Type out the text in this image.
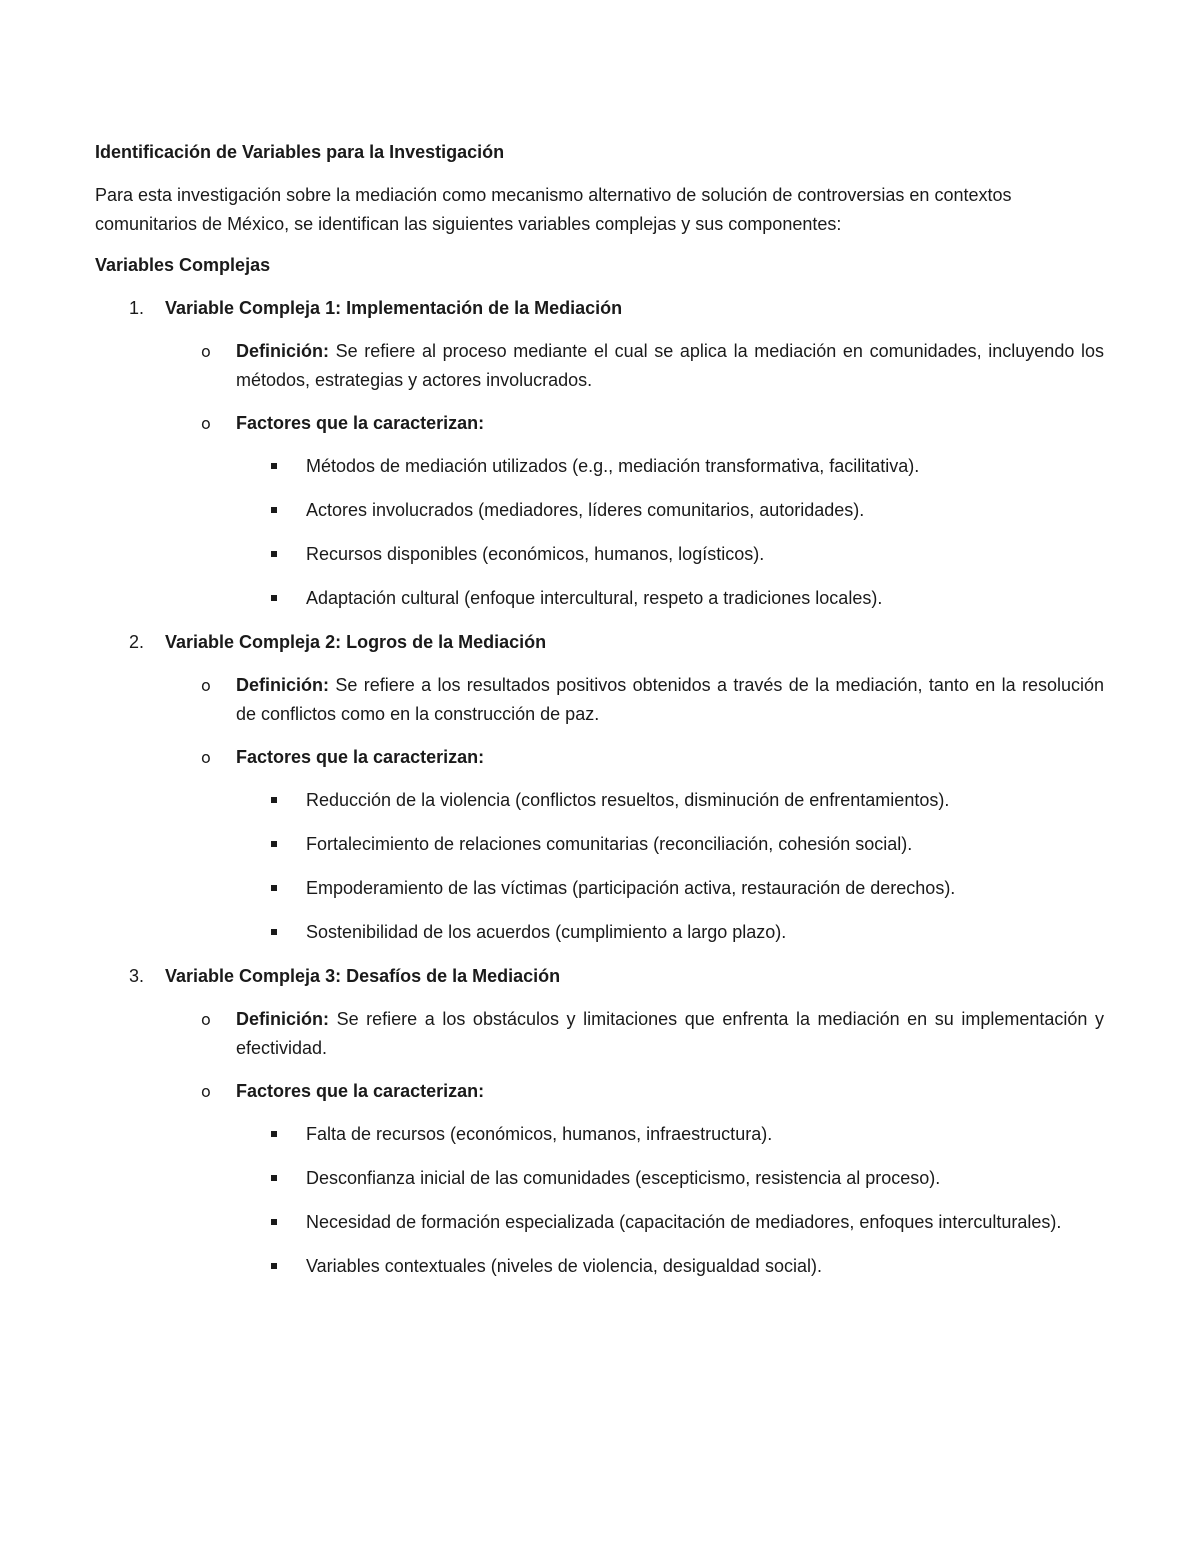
Identificación de Variables para la Investigación
Para esta investigación sobre la mediación como mecanismo alternativo de solución de controversias en contextos comunitarios de México, se identifican las siguientes variables complejas y sus componentes:
Variables Complejas
1. Variable Compleja 1: Implementación de la Mediación
o Definición: Se refiere al proceso mediante el cual se aplica la mediación en comunidades, incluyendo los métodos, estrategias y actores involucrados.
o Factores que la caracterizan:
Métodos de mediación utilizados (e.g., mediación transformativa, facilitativa).
Actores involucrados (mediadores, líderes comunitarios, autoridades).
Recursos disponibles (económicos, humanos, logísticos).
Adaptación cultural (enfoque intercultural, respeto a tradiciones locales).
2. Variable Compleja 2: Logros de la Mediación
o Definición: Se refiere a los resultados positivos obtenidos a través de la mediación, tanto en la resolución de conflictos como en la construcción de paz.
o Factores que la caracterizan:
Reducción de la violencia (conflictos resueltos, disminución de enfrentamientos).
Fortalecimiento de relaciones comunitarias (reconciliación, cohesión social).
Empoderamiento de las víctimas (participación activa, restauración de derechos).
Sostenibilidad de los acuerdos (cumplimiento a largo plazo).
3. Variable Compleja 3: Desafíos de la Mediación
o Definición: Se refiere a los obstáculos y limitaciones que enfrenta la mediación en su implementación y efectividad.
o Factores que la caracterizan:
Falta de recursos (económicos, humanos, infraestructura).
Desconfianza inicial de las comunidades (escepticismo, resistencia al proceso).
Necesidad de formación especializada (capacitación de mediadores, enfoques interculturales).
Variables contextuales (niveles de violencia, desigualdad social).
